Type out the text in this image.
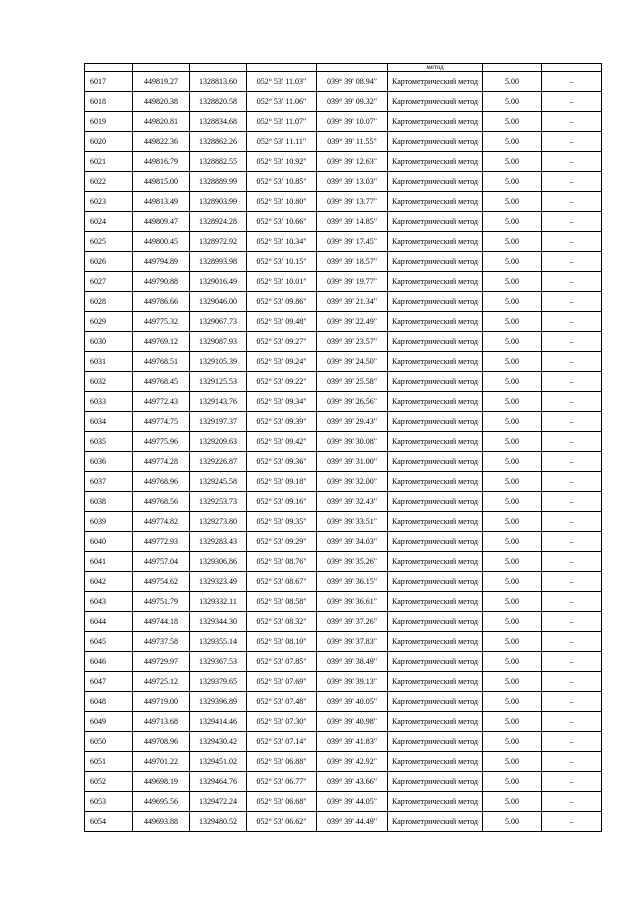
					метод		
6017	449819.27	1328813.60	052° 53' 11.03"	039° 39' 08.94"	Картометрический метод	5.00	–
6018	449820.38	1328820.58	052° 53' 11.06"	039° 39' 09.32"	Картометрический метод	5.00	–
6019	449820.81	1328834.68	052° 53' 11.07"	039° 39' 10.07"	Картометрический метод	5.00	–
6020	449822.36	1328862.26	052° 53' 11.11"	039° 39' 11.55"	Картометрический метод	5.00	–
6021	449816.79	1328882.55	052° 53' 10.92"	039° 39' 12.63"	Картометрический метод	5.00	–
6022	449815.00	1328889.99	052° 53' 10.85"	039° 39' 13.03"	Картометрический метод	5.00	–
6023	449813.49	1328903.99	052° 53' 10.80"	039° 39' 13.77"	Картометрический метод	5.00	–
6024	449809.47	1328924.28	052° 53' 10.66"	039° 39' 14.85"	Картометрический метод	5.00	–
6025	449800.45	1328972.92	052° 53' 10.34"	039° 39' 17.45"	Картометрический метод	5.00	–
6026	449794.89	1328993.98	052° 53' 10.15"	039° 39' 18.57"	Картометрический метод	5.00	–
6027	449790.88	1329016.49	052° 53' 10.01"	039° 39' 19.77"	Картометрический метод	5.00	–
6028	449786.66	1329046.00	052° 53' 09.86"	039° 39' 21.34"	Картометрический метод	5.00	–
6029	449775.32	1329067.73	052° 53' 09.48"	039° 39' 22.49"	Картометрический метод	5.00	–
6030	449769.12	1329087.93	052° 53' 09.27"	039° 39' 23.57"	Картометрический метод	5.00	–
6031	449768.51	1329105.39	052° 53' 09.24"	039° 39' 24.50"	Картометрический метод	5.00	–
6032	449768.45	1329125.53	052° 53' 09.22"	039° 39' 25.58"	Картометрический метод	5.00	–
6033	449772.43	1329143.76	052° 53' 09.34"	039° 39' 26.56"	Картометрический метод	5.00	–
6034	449774.75	1329197.37	052° 53' 09.39"	039° 39' 29.43"	Картометрический метод	5.00	–
6035	449775.96	1329209.63	052° 53' 09.42"	039° 39' 30.08"	Картометрический метод	5.00	–
6036	449774.28	1329226.87	052° 53' 09.36"	039° 39' 31.00"	Картометрический метод	5.00	–
6037	449768.96	1329245.58	052° 53' 09.18"	039° 39' 32.00"	Картометрический метод	5.00	–
6038	449768.56	1329253.73	052° 53' 09.16"	039° 39' 32.43"	Картометрический метод	5.00	–
6039	449774.82	1329273.80	052° 53' 09.35"	039° 39' 33.51"	Картометрический метод	5.00	–
6040	449772.93	1329283.43	052° 53' 09.29"	039° 39' 34.03"	Картометрический метод	5.00	–
6041	449757.04	1329306.86	052° 53' 08.76"	039° 39' 35.26"	Картометрический метод	5.00	–
6042	449754.62	1329323.49	052° 53' 08.67"	039° 39' 36.15"	Картометрический метод	5.00	–
6043	449751.79	1329332.11	052° 53' 08.58"	039° 39' 36.61"	Картометрический метод	5.00	–
6044	449744.18	1329344.30	052° 53' 08.32"	039° 39' 37.26"	Картометрический метод	5.00	–
6045	449737.58	1329355.14	052° 53' 08.10"	039° 39' 37.83"	Картометрический метод	5.00	–
6046	449729.97	1329367.53	052° 53' 07.85"	039° 39' 38.49"	Картометрический метод	5.00	–
6047	449725.12	1329379.65	052° 53' 07.69"	039° 39' 39.13"	Картометрический метод	5.00	–
6048	449719.00	1329396.89	052° 53' 07.48"	039° 39' 40.05"	Картометрический метод	5.00	–
6049	449713.68	1329414.46	052° 53' 07.30"	039° 39' 40.98"	Картометрический метод	5.00	–
6050	449708.96	1329430.42	052° 53' 07.14"	039° 39' 41.83"	Картометрический метод	5.00	–
6051	449701.22	1329451.02	052° 53' 06.88"	039° 39' 42.92"	Картометрический метод	5.00	–
6052	449698.19	1329464.76	052° 53' 06.77"	039° 39' 43.66"	Картометрический метод	5.00	–
6053	449695.56	1329472.24	052° 53' 06.68"	039° 39' 44.05"	Картометрический метод	5.00	–
6054	449693.88	1329480.52	052° 53' 06.62"	039° 39' 44.49"	Картометрический метод	5.00	–
